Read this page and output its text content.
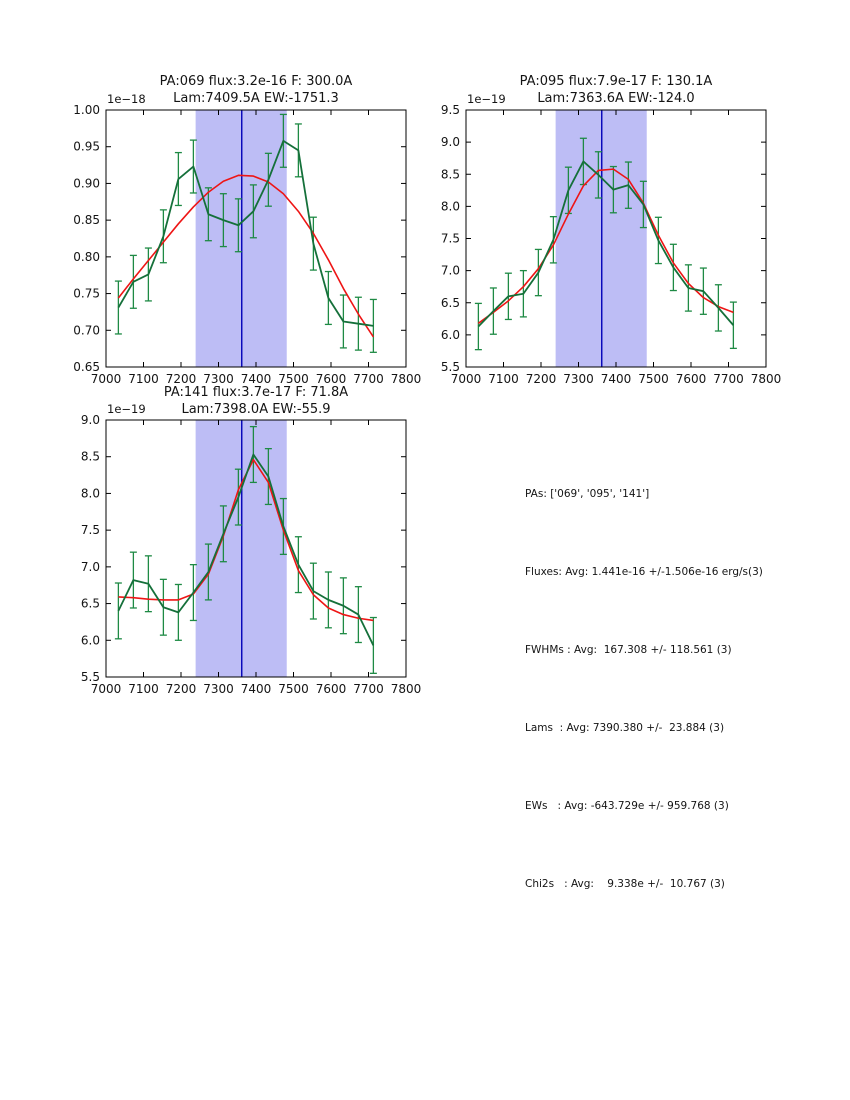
7000 7100 7200 7300 7400 7500 7600 7700 7800
0.65
0.70
0.75
0.80
0.85
0.90
0.95
1.00
7000 7100 7200 7300 7400 7500 7600 7700 7800
5.5
6.0
6.5
7.0
7.5
8.0
8.5
9.0
9.5
7000 7100 7200 7300 7400 7500 7600 7700 7800
5.5
6.0
6.5
7.0
7.5
8.0
8.5
9.0
PA:069 flux:3.2e-16 F: 300.0A
Lam:7409.5A EW:-1751.3
1e−18
PA:095 flux:7.9e-17 F: 130.1A
Lam:7363.6A EW:-124.0
1e−19
PA:141 flux:3.7e-17 F: 71.8A
Lam:7398.0A EW:-55.9
1e−19

PAs: ['069', '095', '141']

Fluxes: Avg: 1.441e-16 +/-1.506e-16 erg/s(3)

FWHMs : Avg:  167.308 +/- 118.561 (3)

Lams  : Avg: 7390.380 +/-  23.884 (3)

EWs   : Avg: -643.729e +/- 959.768 (3)

Chi2s   : Avg:    9.338e +/-  10.767 (3)
